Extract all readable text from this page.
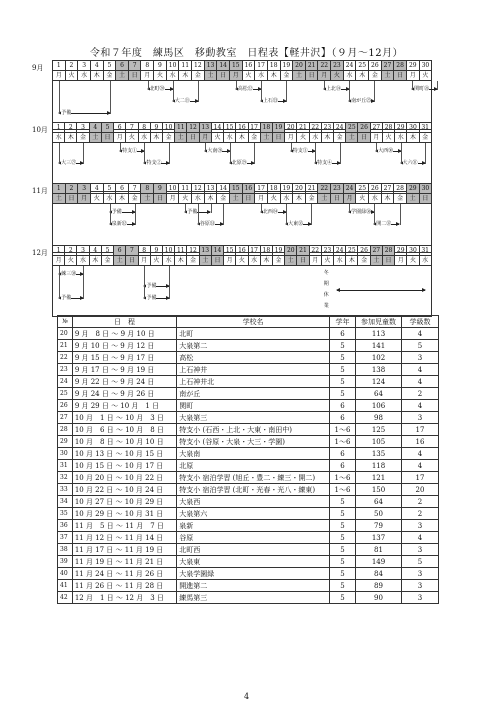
令和７年度　練馬区　移動教室　日程表【軽井沢】（９月～12月）
1	2	3	4	5	6	7	8	9	10 11 12 13 14 15 16 17 18 19 20 21 22 23 24 25 26 27 28 29 30
月	火	水	木	金	土	日	月	火	水	木	金	土	日	月	火	水	木	金	土	日	月	火	水	木	金	土	日	月	火
予備
北町⑳
大二㉑
高松㉒
上石㉓
上北㉔
南が丘㉕
関町㉖
1	2	3	4	5	6	7	8	9	10 11 12 13 14 15 16 17 18 19 20 21 22 23 24 25 26 27 28 29 30 31
水	木	金	土	日	月	火	水	木	金	土	日	月	火	水	木	金	土	日	月	火	水	木	金	土	日	月	火	水	木	金
大三㉗
特支①
特支②
大南㉘
北原㉙
特支③
特支④
大西㉚
大六㉛
1	2	3	4	5	6	7	8	9	10 11 12 13 14 15 16 17 18 19 20 21 22 23 24 25 26 27 28 29 30
土	日	月	火	水	木	金	土	日	月	火	水	木	金	土	日	月	火	水	木	金	土	日	月	火	水	木	金	土	日
予備
泉新㉜
予備
谷原㉝
北西㉞
大東㉟
学園緑㊱
開二㊲
1	2	3	4	5	6	7	8	9	10 11 12 13 14 15 16 17 18 19 20 21 22 23 24 25 26 27 28 29 30 31
月	火	水	木	金	土	日	月	火	水	木	金	土	日	月	火	水	木	金	土	日	月	火	水	木	金	土	日	月	火	水
練三㊳
予備
予備
予備
冬
期
休
業
9月
10月
11月
12月
№	日　程	学校名	学年	参加児童数	学級数
20	9 月　8 日 ～ 9 月 10 日	北町	6	113	4
21	9 月 10 日 ～ 9 月 12 日	大泉第二	5	141	5
22	9 月 15 日 ～ 9 月 17 日	高松	5	102	3
23	9 月 17 日 ～ 9 月 19 日	上石神井	5	138	4
24	9 月 22 日 ～ 9 月 24 日	上石神井北	5	124	4
25	9 月 24 日 ～ 9 月 26 日	南が丘	5	64	2
26	9 月 29 日 ～ 10 月　1 日	関町	6	106	4
27	10 月　1 日 ～ 10 月　3 日	大泉第三	6	98	3
28	10 月　6 日 ～ 10 月　8 日	特支小 (石西・上北・大東・南田中)	1～6	125	17
29	10 月　8 日 ～ 10 月 10 日	特支小 (谷原・大泉・大三・学園)	1～6	105	16
30	10 月 13 日 ～ 10 月 15 日	大泉南	6	135	4
31	10 月 15 日 ～ 10 月 17 日	北原	6	118	4
32	10 月 20 日 ～ 10 月 22 日	特支小 宿泊学習 (旭丘・豊二・練三・開二)	1～6	121	17
33	10 月 22 日 ～ 10 月 24 日	特支小 宿泊学習 (北町・光春・光八・練東)	1～6	150	20
34	10 月 27 日 ～ 10 月 29 日	大泉西	5	64	2
35	10 月 29 日 ～ 10 月 31 日	大泉第六	5	50	2
36	11 月　5 日 ～ 11 月　7 日	泉新	5	79	3
37	11 月 12 日 ～ 11 月 14 日	谷原	5	137	4
38	11 月 17 日 ～ 11 月 19 日	北町西	5	81	3
39	11 月 19 日 ～ 11 月 21 日	大泉東	5	149	5
40	11 月 24 日 ～ 11 月 26 日	大泉学園緑	5	84	3
41	11 月 26 日 ～ 11 月 28 日	開進第二	5	89	3
42	12 月　1 日 ～ 12 月　3 日	練馬第三	5	90	3
4
